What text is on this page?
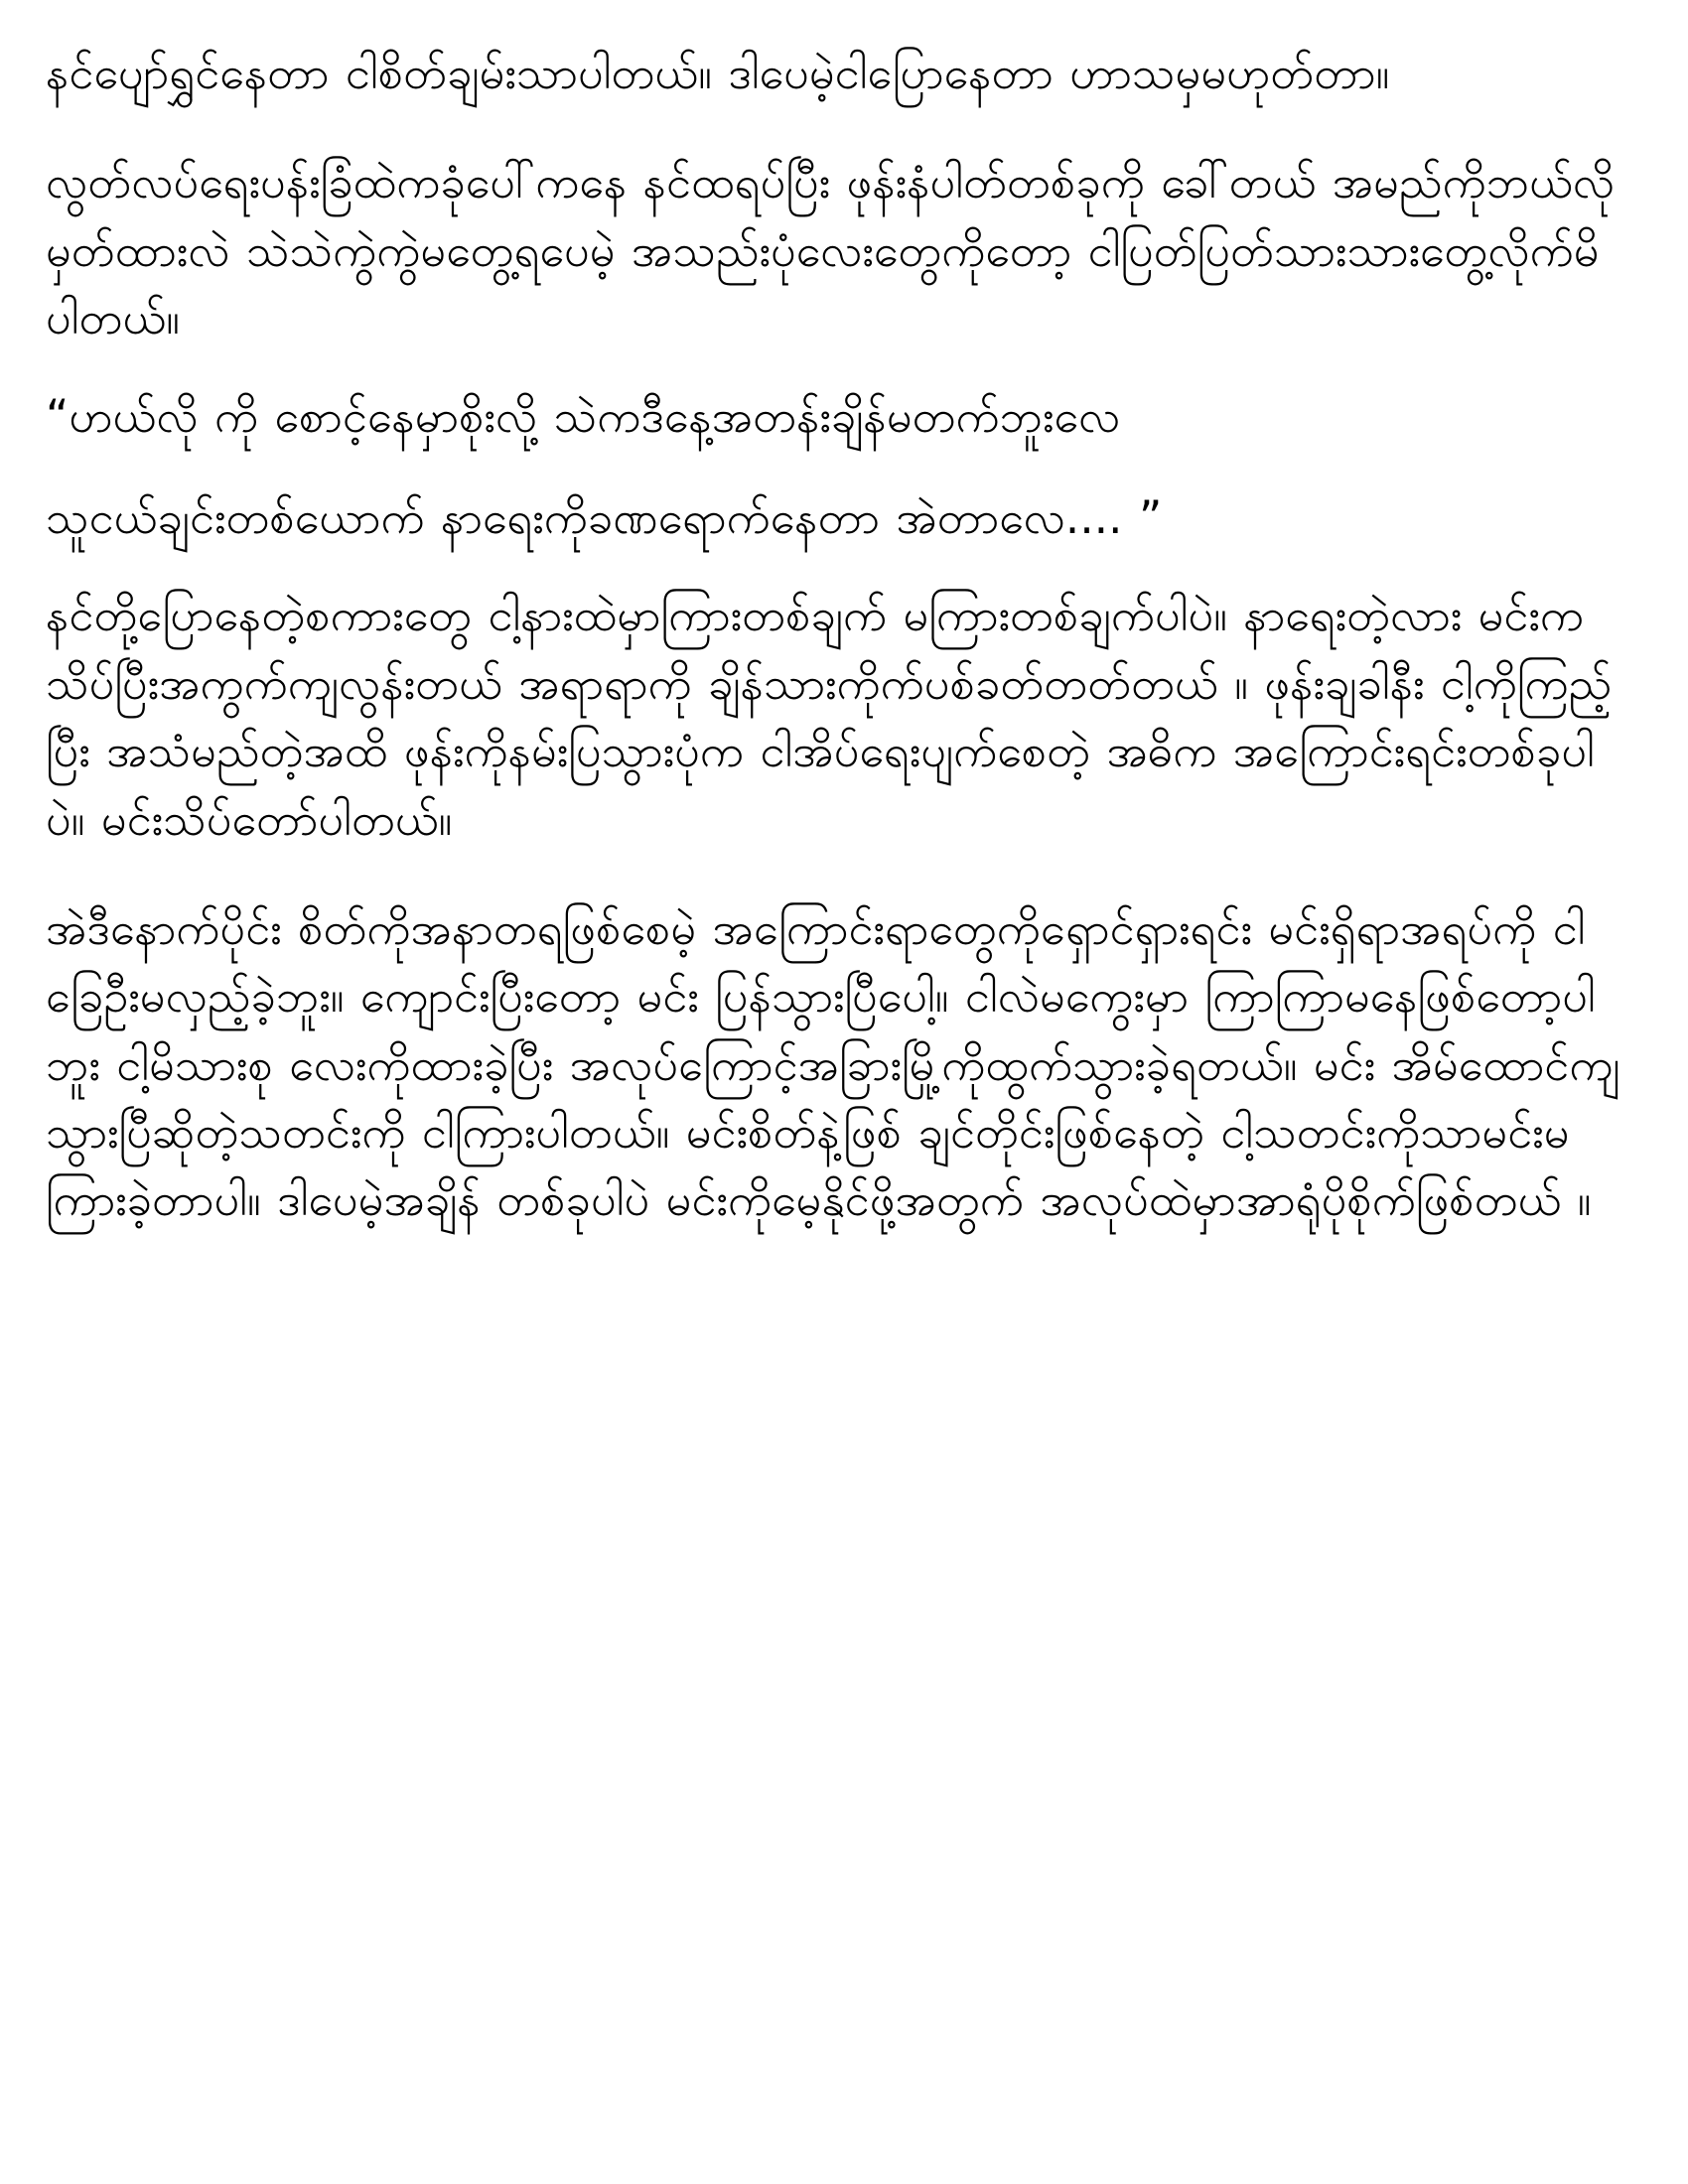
နင်ပျော်ရွှင်နေတာ ငါစိတ်ချမ်းသာပါတယ်။ ဒါပေမဲ့ငါပြောနေတာ ဟာသမှမဟုတ်တာ။

လွတ်လပ်ရေးပန်းခြံထဲကခုံပေါ်ကနေ နင်ထရပ်ပြီး ဖုန်းနံပါတ်တစ်ခုကို ခေါ်တယ် အမည်ကိုဘယ်လိုမှတ်ထားလဲ သဲသဲကွဲကွဲမတွေ့ရပေမဲ့ အသည်းပုံလေးတွေကိုတော့ ငါပြတ်ပြတ်သားသားတွေ့လိုက်မိပါတယ်။

“ဟယ်လို ကို စောင့်နေမှာစိုးလို့ သဲကဒီနေ့အတန်းချိန်မတက်ဘူးလေ

သူငယ်ချင်းတစ်ယောက် နာရေးကိုခဏရောက်နေတာ အဲတာလေ.... ”

နင်တို့ပြောနေတဲ့စကားတွေ ငါ့နားထဲမှာကြားတစ်ချက် မကြားတစ်ချက်ပါပဲ။ နာရေးတဲ့လား မင်းကသိပ်ပြီးအကွက်ကျလွန်းတယ် အရာရာကို ချိန်သားကိုက်ပစ်ခတ်တတ်တယ် ။ ဖုန်းချခါနီး ငါ့ကိုကြည့်ပြီး အသံမည်တဲ့အထိ ဖုန်းကိုနမ်းပြသွားပုံက ငါအိပ်ရေးပျက်စေတဲ့ အဓိက အကြောင်းရင်းတစ်ခုပါပဲ။ မင်းသိပ်တော်ပါတယ်။

အဲဒီနောက်ပိုင်း စိတ်ကိုအနာတရဖြစ်စေမဲ့ အကြောင်းရာတွေကိုရှောင်ရှားရင်း မင်းရှိရာအရပ်ကို ငါခြေဦးမလှည့်ခဲ့ဘူး။ ကျောင်းပြီးတော့ မင်း ပြန်သွားပြီပေါ့။ ငါလဲမကွေးမှာ ကြာကြာမနေဖြစ်တော့ပါဘူး ငါ့မိသားစု လေးကိုထားခဲ့ပြီး အလုပ်ကြောင့်အခြားမြို့ကိုထွက်သွားခဲ့ရတယ်။ မင်း အိမ်ထောင်ကျသွားပြီဆိုတဲ့သတင်းကို ငါကြားပါတယ်။ မင်းစိတ်နဲ့ဖြစ် ချင်တိုင်းဖြစ်နေတဲ့ ငါ့သတင်းကိုသာမင်းမကြားခဲ့တာပါ။ ဒါပေမဲ့အချိန် တစ်ခုပါပဲ မင်းကိုမေ့နိုင်ဖို့အတွက် အလုပ်ထဲမှာအာရုံပိုစိုက်ဖြစ်တယ် ။
